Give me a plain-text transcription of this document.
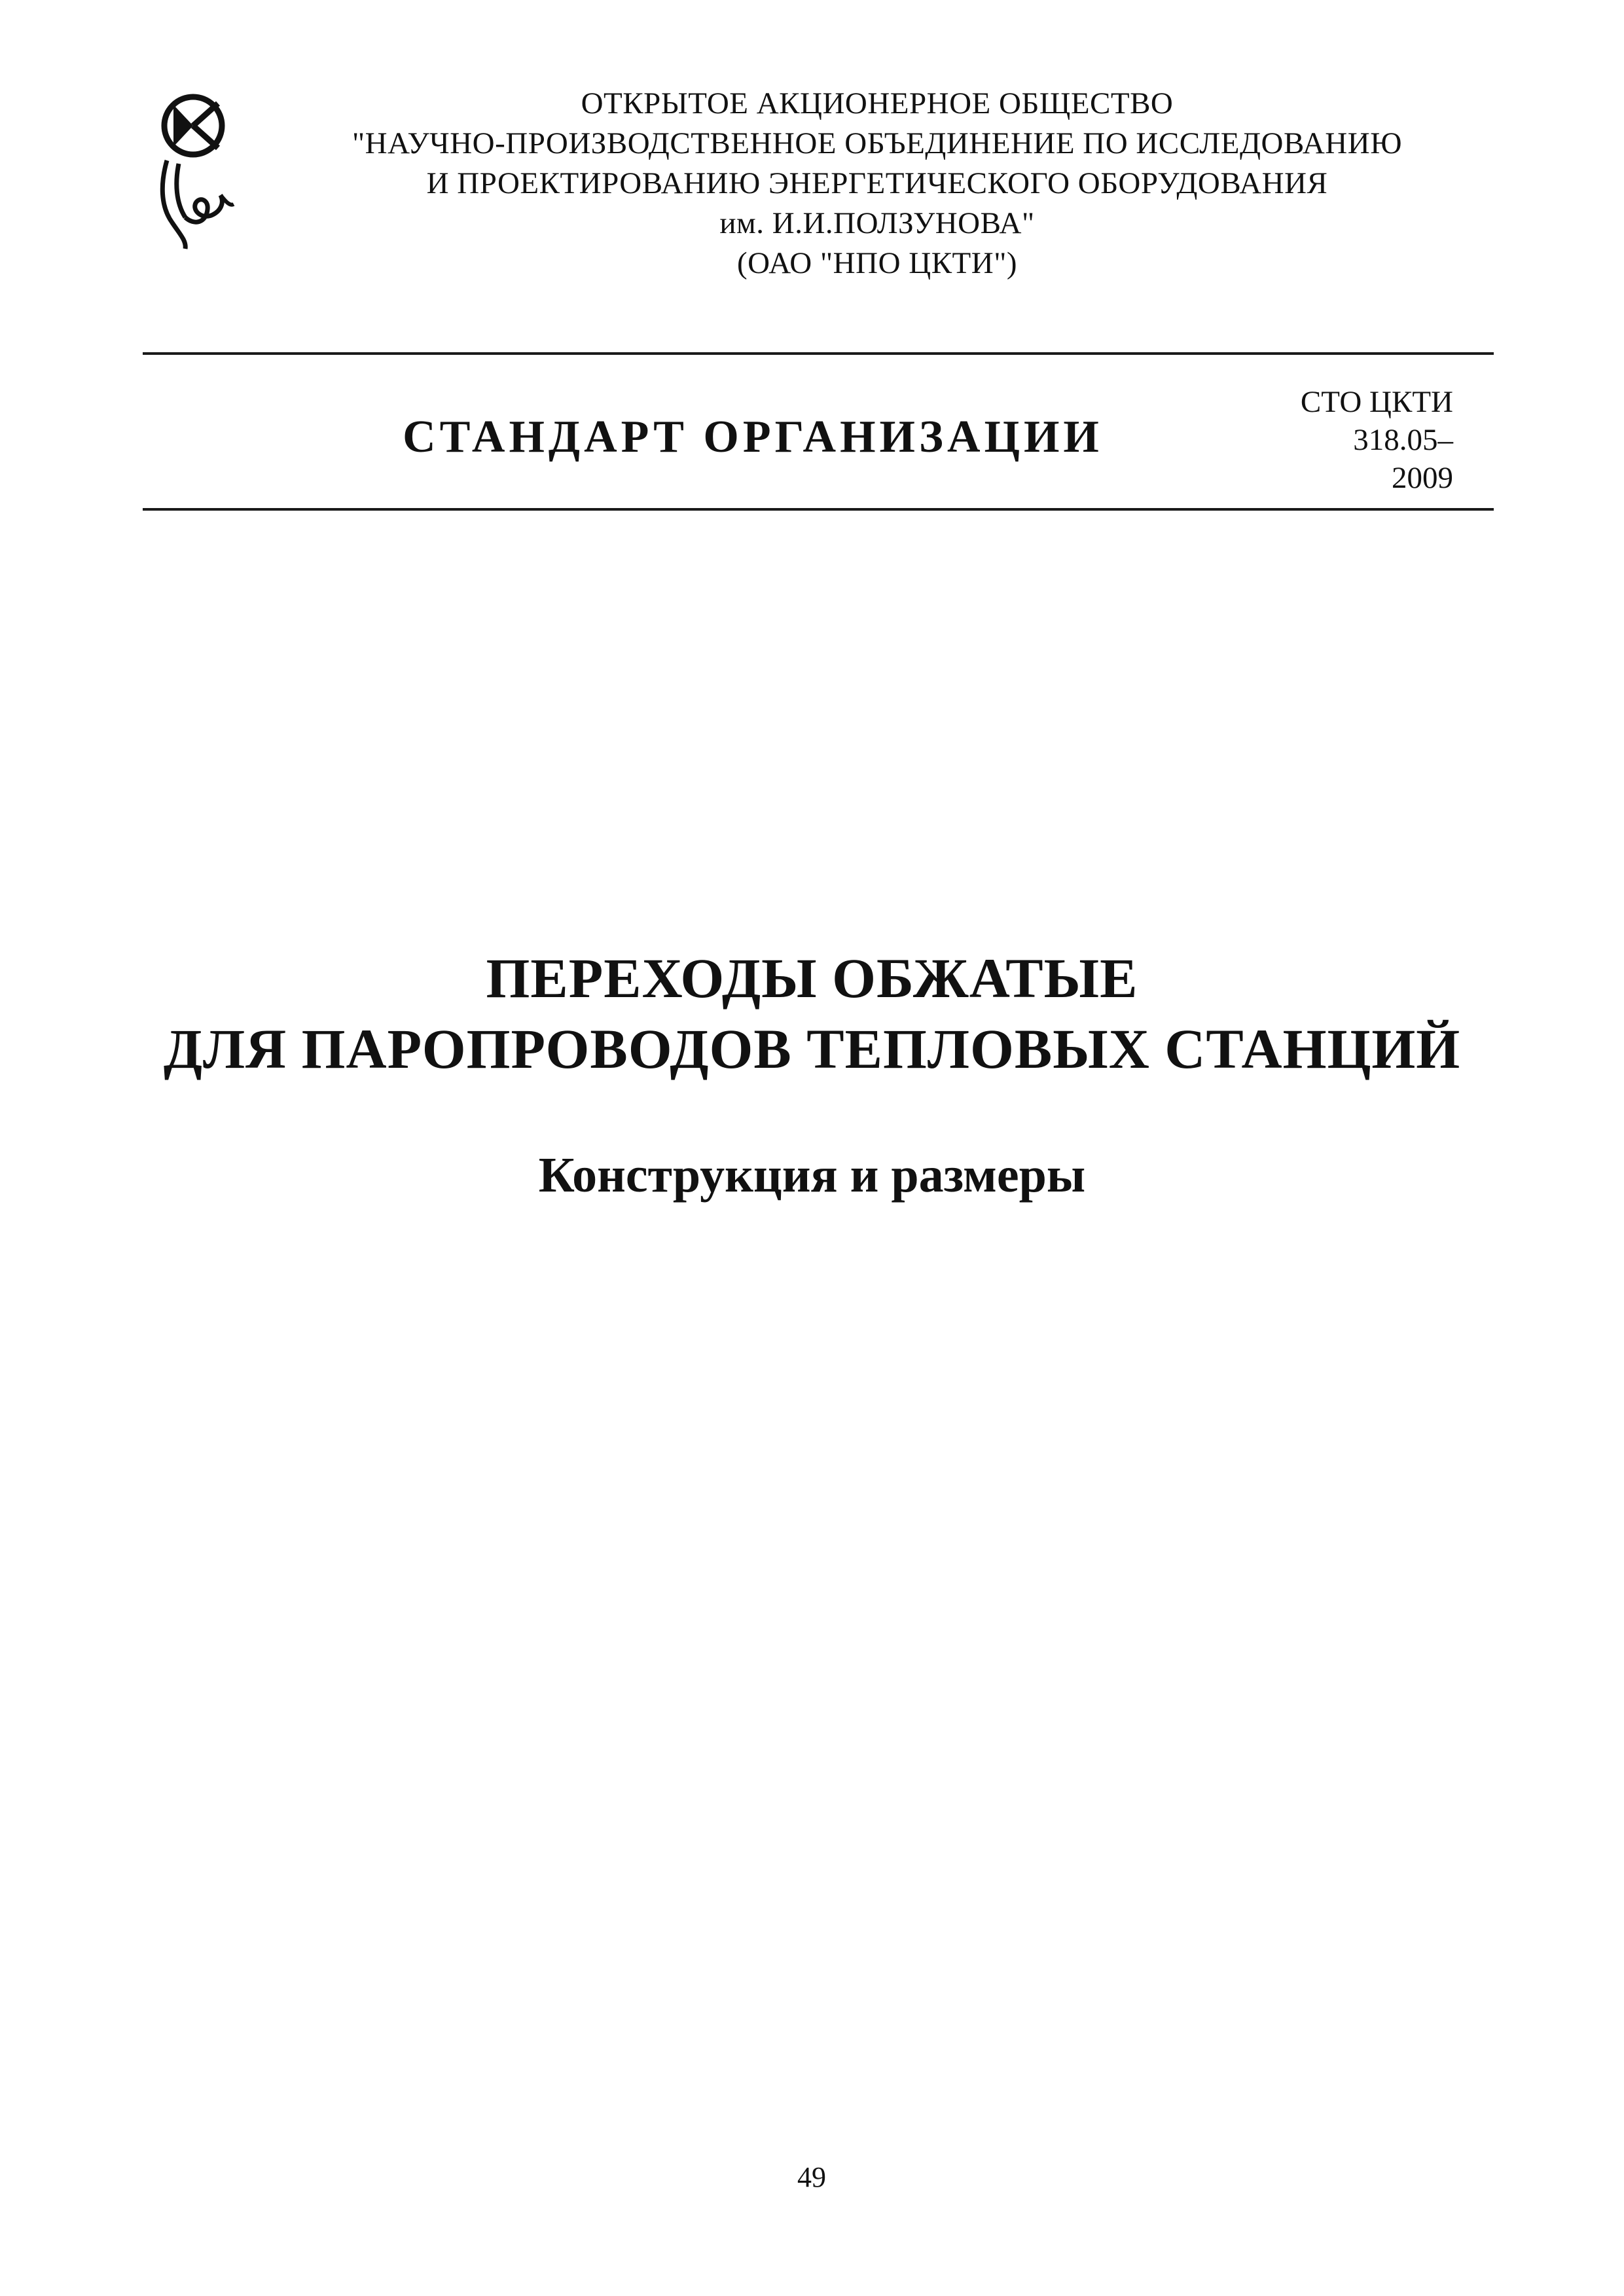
ОТКРЫТОЕ АКЦИОНЕРНОЕ ОБЩЕСТВО
"НАУЧНО-ПРОИЗВОДСТВЕННОЕ ОБЪЕДИНЕНИЕ ПО ИССЛЕДОВАНИЮ
И ПРОЕКТИРОВАНИЮ ЭНЕРГЕТИЧЕСКОГО ОБОРУДОВАНИЯ
им. И.И.ПОЛЗУНОВА"
(ОАО "НПО ЦКТИ")
СТАНДАРТ ОРГАНИЗАЦИИ
СТО ЦКТИ
318.05–
2009
ПЕРЕХОДЫ ОБЖАТЫЕ
ДЛЯ ПАРОПРОВОДОВ ТЕПЛОВЫХ СТАНЦИЙ
Конструкция и размеры
49
